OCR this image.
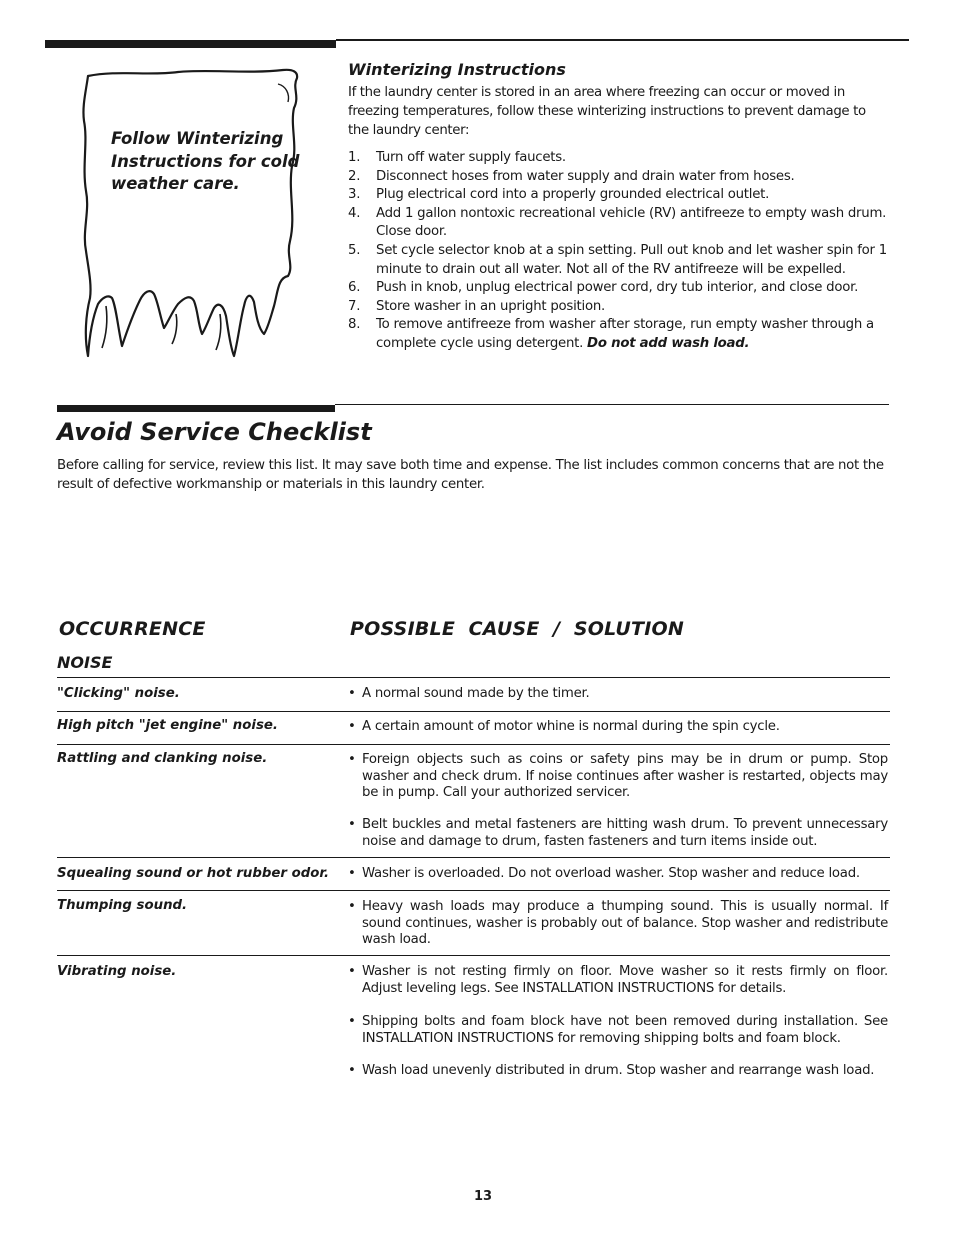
Follow Winterizing Instructions for cold weather care.
Winterizing Instructions
If the laundry center is stored in an area where freezing can occur or moved in freezing temperatures, follow these winterizing instructions to prevent damage to the laundry center:
1. Turn off water supply faucets.
2. Disconnect hoses from water supply and drain water from hoses.
3. Plug electrical cord into a properly grounded electrical outlet.
4. Add 1 gallon nontoxic recreational vehicle (RV) antifreeze to empty wash drum. Close door.
5. Set cycle selector knob at a spin setting. Pull out knob and let washer spin for 1 minute to drain out all water. Not all of the RV antifreeze will be expelled.
6. Push in knob, unplug electrical power cord, dry tub interior, and close door.
7. Store washer in an upright position.
8. To remove antifreeze from washer after storage, run empty washer through a complete cycle using detergent. Do not add wash load.
Avoid Service Checklist
Before calling for service, review this list. It may save both time and expense. The list includes common concerns that are not the result of defective workmanship or materials in this laundry center.
OCCURRENCE	POSSIBLE  CAUSE  /  SOLUTION
NOISE
"Clicking" noise.	• A normal sound made by the timer.
High pitch "jet engine" noise.	• A certain amount of motor whine is normal during the spin cycle.
Rattling and clanking noise.	• Foreign objects such as coins or safety pins may be in drum or pump. Stop washer and check drum. If noise continues after washer is restarted, objects may be in pump. Call your authorized servicer.
• Belt buckles and metal fasteners are hitting wash drum. To prevent unnecessary noise and damage to drum, fasten fasteners and turn items inside out.
Squealing sound or hot rubber odor.	• Washer is overloaded. Do not overload washer. Stop washer and reduce load.
Thumping sound.	• Heavy wash loads may produce a thumping sound. This is usually normal. If sound continues, washer is probably out of balance. Stop washer and redistribute wash load.
Vibrating noise.	• Washer is not resting firmly on floor. Move washer so it rests firmly on floor. Adjust leveling legs. See INSTALLATION INSTRUCTIONS for details.
• Shipping bolts and foam block have not been removed during installation. See INSTALLATION INSTRUCTIONS for removing shipping bolts and foam block.
• Wash load unevenly distributed in drum. Stop washer and rearrange wash load.
13
